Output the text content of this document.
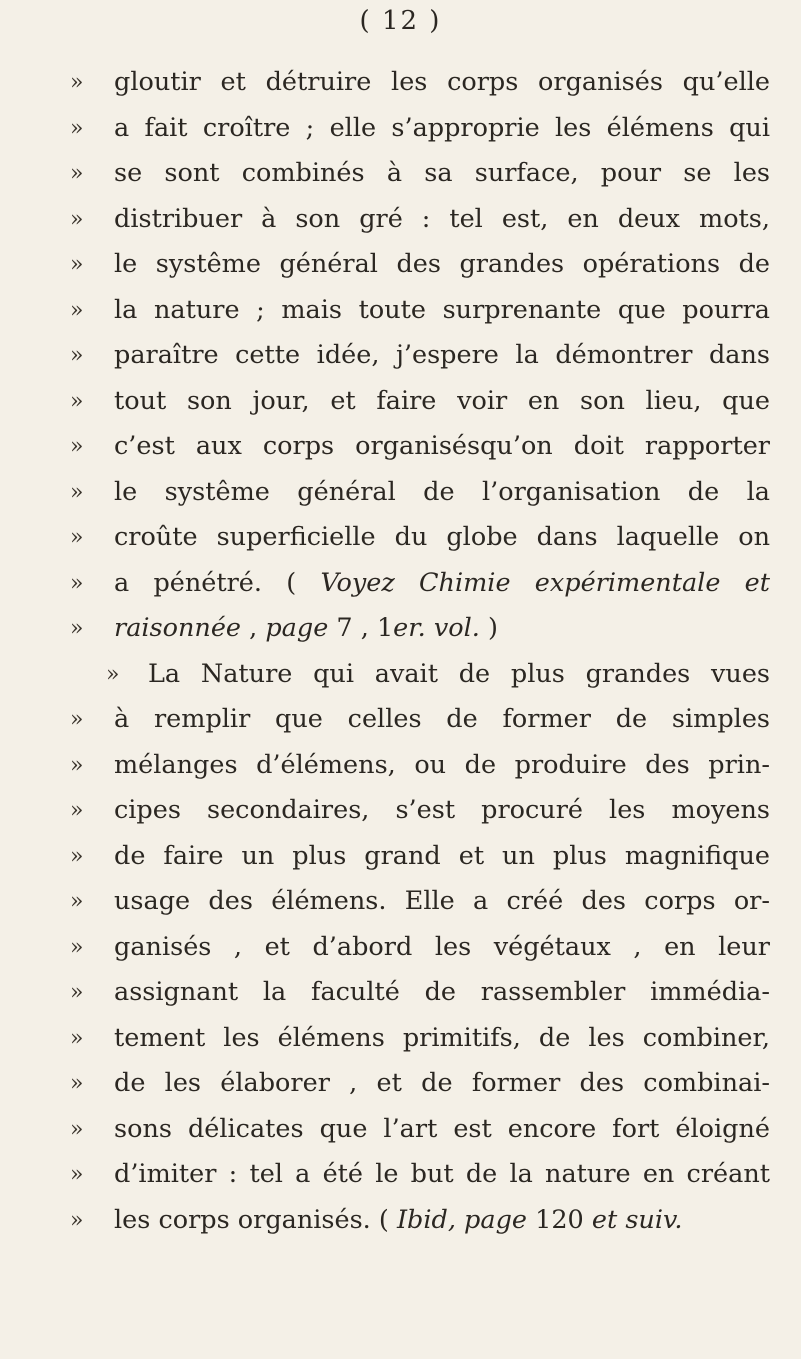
( 12 )
»	gloutir et détruire les corps organisés qu’elle
»	a fait croître ; elle s’approprie les élémens qui
»	se sont combinés à sa surface, pour se les
»	distribuer à son gré : tel est, en deux mots,
»	le systême général des grandes opérations de
»	la nature ; mais toute surprenante que pourra
»	paraître cette idée, j’espere la démontrer dans
»	tout son jour, et faire voir en son lieu, que
»	c’est aux corps organisésqu’on doit rapporter
»	le systême général de l’organisation de la
»	croûte superficielle du globe dans laquelle on
»	a pénétré. ( Voyez Chimie expérimentale et
»	raisonnée , page 7 , 1er. vol. )
»	La Nature qui avait de plus grandes vues
»	à remplir que celles de former de simples
»	mélanges d’élémens, ou de produire des prin-
»	cipes secondaires, s’est procuré les moyens
»	de faire un plus grand et un plus magnifique
»	usage des élémens. Elle a créé des corps or-
»	ganisés , et d’abord les végétaux , en leur
»	assignant la faculté de rassembler immédia-
»	tement les élémens primitifs, de les combiner,
»	de les élaborer , et de former des combinai-
»	sons délicates que l’art est encore fort éloigné
»	d’imiter : tel a été le but de la nature en créant
»	les corps organisés. ( Ibid, page 120 et suiv.
